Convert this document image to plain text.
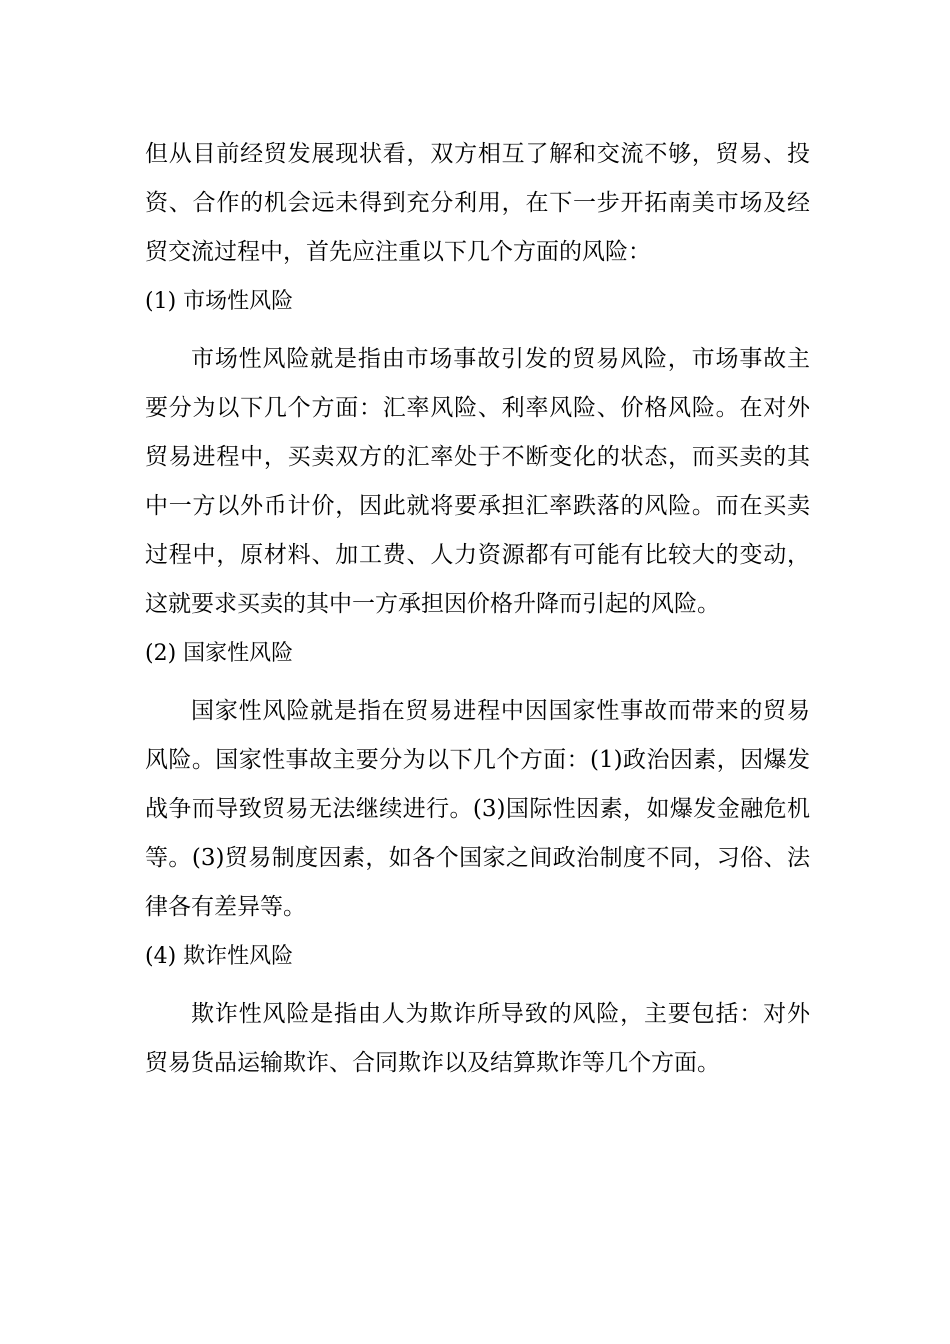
但从目前经贸发展现状看，双方相互了解和交流不够，贸易、投资、合作的机会远未得到充分利用，在下一步开拓南美市场及经贸交流过程中，首先应注重以下几个方面的风险：

(1) 市场性风险

市场性风险就是指由市场事故引发的贸易风险，市场事故主要分为以下几个方面：汇率风险、利率风险、价格风险。在对外贸易进程中，买卖双方的汇率处于不断变化的状态，而买卖的其中一方以外币计价，因此就将要承担汇率跌落的风险。而在买卖过程中，原材料、加工费、人力资源都有可能有比较大的变动，这就要求买卖的其中一方承担因价格升降而引起的风险。

(2) 国家性风险

国家性风险就是指在贸易进程中因国家性事故而带来的贸易风险。国家性事故主要分为以下几个方面：(1)政治因素，因爆发战争而导致贸易无法继续进行。(3)国际性因素，如爆发金融危机等。(3)贸易制度因素，如各个国家之间政治制度不同，习俗、法律各有差异等。

(4) 欺诈性风险

欺诈性风险是指由人为欺诈所导致的风险，主要包括：对外贸易货品运输欺诈、合同欺诈以及结算欺诈等几个方面。
